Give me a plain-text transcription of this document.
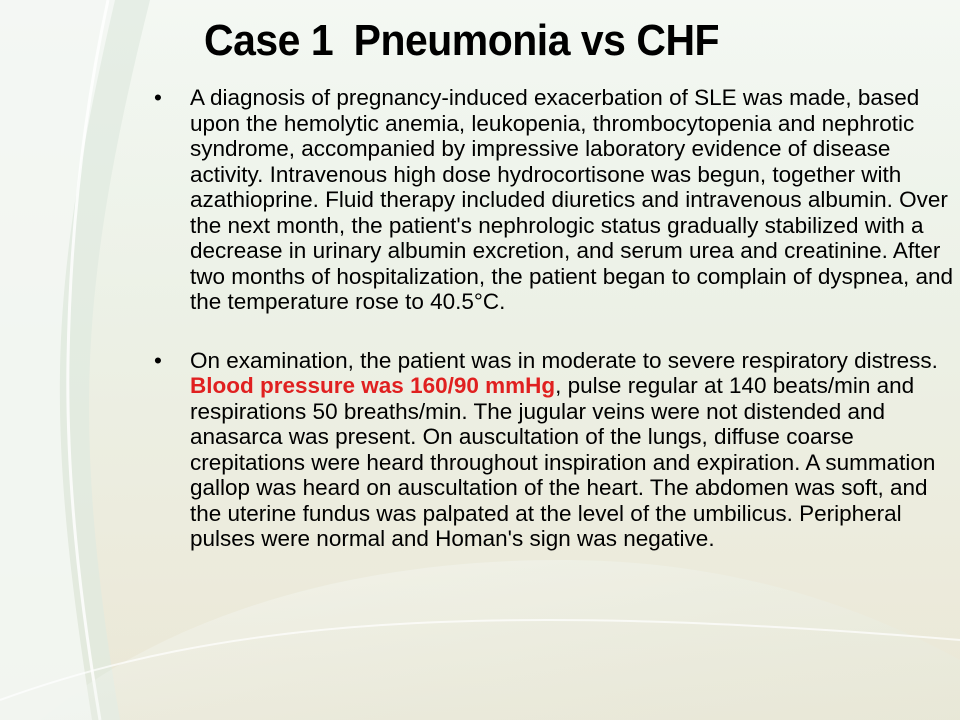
Case 1 Pneumonia vs CHF

• A diagnosis of pregnancy-induced exacerbation of SLE was made, based upon the hemolytic anemia, leukopenia, thrombocytopenia and nephrotic syndrome, accompanied by impressive laboratory evidence of disease activity. Intravenous high dose hydrocortisone was begun, together with azathioprine. Fluid therapy included diuretics and intravenous albumin. Over the next month, the patient's nephrologic status gradually stabilized with a decrease in urinary albumin excretion, and serum urea and creatinine. After two months of hospitalization, the patient began to complain of dyspnea, and the temperature rose to 40.5°C.

• On examination, the patient was in moderate to severe respiratory distress. Blood pressure was 160/90 mmHg, pulse regular at 140 beats/min and respirations 50 breaths/min. The jugular veins were not distended and anasarca was present. On auscultation of the lungs, diffuse coarse crepitations were heard throughout inspiration and expiration. A summation gallop was heard on auscultation of the heart. The abdomen was soft, and the uterine fundus was palpated at the level of the umbilicus. Peripheral pulses were normal and Homan's sign was negative.
